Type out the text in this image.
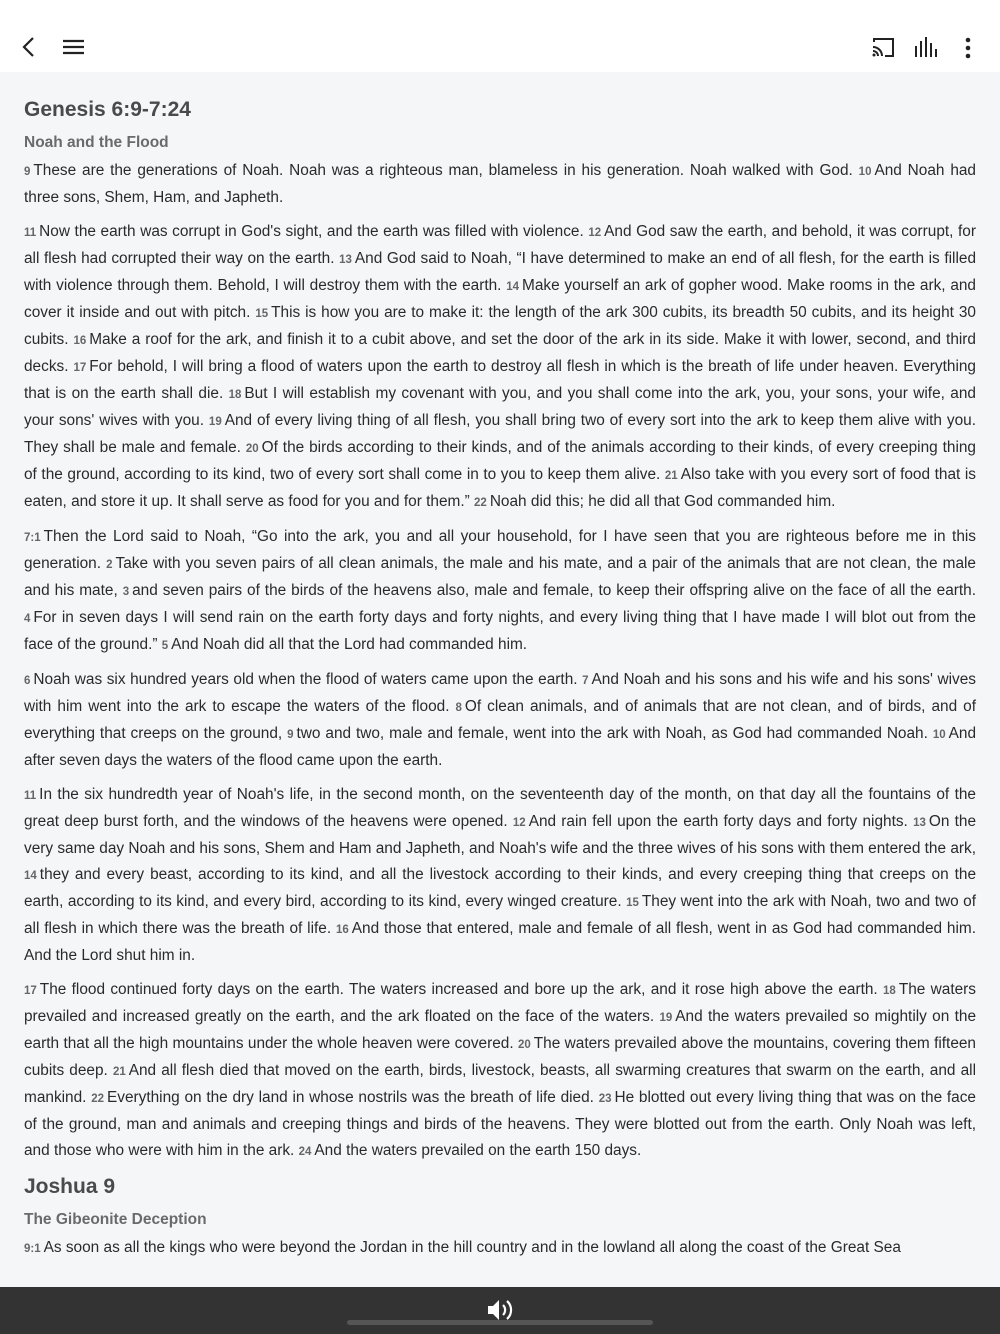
Genesis 6:9-7:24
Noah and the Flood

9 These are the generations of Noah. Noah was a righteous man, blameless in his generation. Noah walked with God. 10 And Noah had three sons, Shem, Ham, and Japheth.

11 Now the earth was corrupt in God's sight, and the earth was filled with violence. 12 And God saw the earth, and behold, it was corrupt, for all flesh had corrupted their way on the earth. 13 And God said to Noah, “I have determined to make an end of all flesh, for the earth is filled with violence through them. Behold, I will destroy them with the earth. 14 Make yourself an ark of gopher wood. Make rooms in the ark, and cover it inside and out with pitch. 15 This is how you are to make it: the length of the ark 300 cubits, its breadth 50 cubits, and its height 30 cubits. 16 Make a roof for the ark, and finish it to a cubit above, and set the door of the ark in its side. Make it with lower, second, and third decks. 17 For behold, I will bring a flood of waters upon the earth to destroy all flesh in which is the breath of life under heaven. Everything that is on the earth shall die. 18 But I will establish my covenant with you, and you shall come into the ark, you, your sons, your wife, and your sons' wives with you. 19 And of every living thing of all flesh, you shall bring two of every sort into the ark to keep them alive with you. They shall be male and female. 20 Of the birds according to their kinds, and of the animals according to their kinds, of every creeping thing of the ground, according to its kind, two of every sort shall come in to you to keep them alive. 21 Also take with you every sort of food that is eaten, and store it up. It shall serve as food for you and for them.” 22 Noah did this; he did all that God commanded him.

7:1 Then the Lord said to Noah, “Go into the ark, you and all your household, for I have seen that you are righteous before me in this generation. 2 Take with you seven pairs of all clean animals, the male and his mate, and a pair of the animals that are not clean, the male and his mate, 3 and seven pairs of the birds of the heavens also, male and female, to keep their offspring alive on the face of all the earth. 4 For in seven days I will send rain on the earth forty days and forty nights, and every living thing that I have made I will blot out from the face of the ground.” 5 And Noah did all that the Lord had commanded him.

6 Noah was six hundred years old when the flood of waters came upon the earth. 7 And Noah and his sons and his wife and his sons' wives with him went into the ark to escape the waters of the flood. 8 Of clean animals, and of animals that are not clean, and of birds, and of everything that creeps on the ground, 9 two and two, male and female, went into the ark with Noah, as God had commanded Noah. 10 And after seven days the waters of the flood came upon the earth.

11 In the six hundredth year of Noah's life, in the second month, on the seventeenth day of the month, on that day all the fountains of the great deep burst forth, and the windows of the heavens were opened. 12 And rain fell upon the earth forty days and forty nights. 13 On the very same day Noah and his sons, Shem and Ham and Japheth, and Noah's wife and the three wives of his sons with them entered the ark, 14 they and every beast, according to its kind, and all the livestock according to their kinds, and every creeping thing that creeps on the earth, according to its kind, and every bird, according to its kind, every winged creature. 15 They went into the ark with Noah, two and two of all flesh in which there was the breath of life. 16 And those that entered, male and female of all flesh, went in as God had commanded him. And the Lord shut him in.

17 The flood continued forty days on the earth. The waters increased and bore up the ark, and it rose high above the earth. 18 The waters prevailed and increased greatly on the earth, and the ark floated on the face of the waters. 19 And the waters prevailed so mightily on the earth that all the high mountains under the whole heaven were covered. 20 The waters prevailed above the mountains, covering them fifteen cubits deep. 21 And all flesh died that moved on the earth, birds, livestock, beasts, all swarming creatures that swarm on the earth, and all mankind. 22 Everything on the dry land in whose nostrils was the breath of life died. 23 He blotted out every living thing that was on the face of the ground, man and animals and creeping things and birds of the heavens. They were blotted out from the earth. Only Noah was left, and those who were with him in the ark. 24 And the waters prevailed on the earth 150 days.

Joshua 9
The Gibeonite Deception

9:1 As soon as all the kings who were beyond the Jordan in the hill country and in the lowland all along the coast of the Great Sea
